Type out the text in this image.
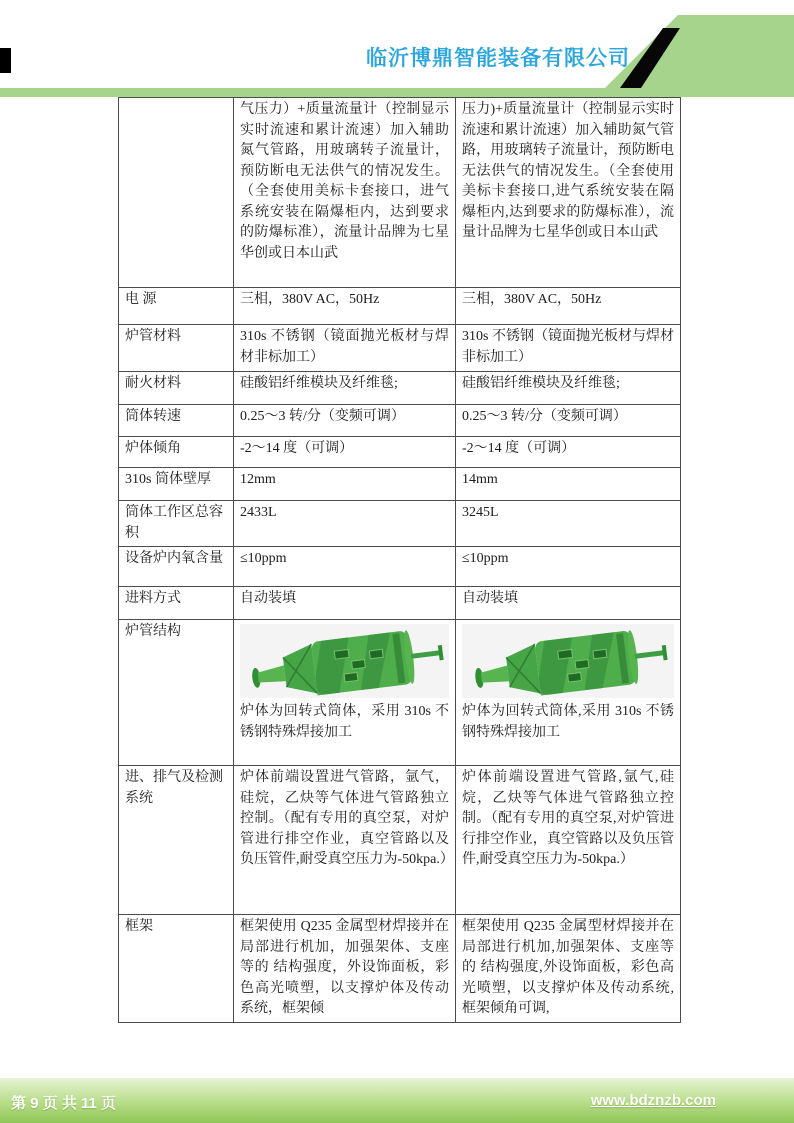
临沂博鼎智能装备有限公司
	气压力）+质量流量计（控制显示实时流速和累计流速）加入辅助氮气管路，用玻璃转子流量计，预防断电无法供气的情况发生。（全套使用美标卡套接口，进气系统安装在隔爆柜内，达到要求的防爆标准），流量计品牌为七星华创或日本山武	压力)+质量流量计（控制显示实时流速和累计流速）加入辅助氮气管路，用玻璃转子流量计，预防断电无法供气的情况发生。（全套使用美标卡套接口,进气系统安装在隔爆柜内,达到要求的防爆标准），流量计品牌为七星华创或日本山武
电 源	三相，380V AC，50Hz	三相，380V AC，50Hz
炉管材料	310s 不锈钢（镜面抛光板材与焊材非标加工）	310s 不锈钢（镜面抛光板材与焊材非标加工）
耐火材料	硅酸铝纤维模块及纤维毯;	硅酸铝纤维模块及纤维毯;
筒体转速	0.25～3 转/分（变频可调）	0.25～3 转/分（变频可调）
炉体倾角	-2～14 度（可调）	-2～14 度（可调）
310s 筒体壁厚	12mm	14mm
筒体工作区总容积	2433L	3245L
设备炉内氧含量	≤10ppm	≤10ppm
进料方式	自动装填	自动装填
炉管结构	炉体为回转式筒体，采用 310s 不锈钢特殊焊接加工	炉体为回转式筒体,采用 310s 不锈钢特殊焊接加工
进、排气及检测系统	炉体前端设置进气管路，氩气，硅烷，乙炔等气体进气管路独立控制。（配有专用的真空泵，对炉管进行排空作业，真空管路以及负压管件,耐受真空压力为-50kpa.）	炉体前端设置进气管路,氩气,硅烷，乙炔等气体进气管路独立控制。（配有专用的真空泵,对炉管进行排空作业，真空管路以及负压管件,耐受真空压力为-50kpa.）
框架	框架使用 Q235 金属型材焊接并在局部进行机加，加强架体、支座等的 结构强度，外设饰面板，彩色高光喷塑，以支撑炉体及传动系统，框架倾	框架使用 Q235 金属型材焊接并在局部进行机加,加强架体、支座等的 结构强度,外设饰面板，彩色高光喷塑，以支撑炉体及传动系统,框架倾角可调,
第 9 页 共 11 页	www.bdznzb.com
